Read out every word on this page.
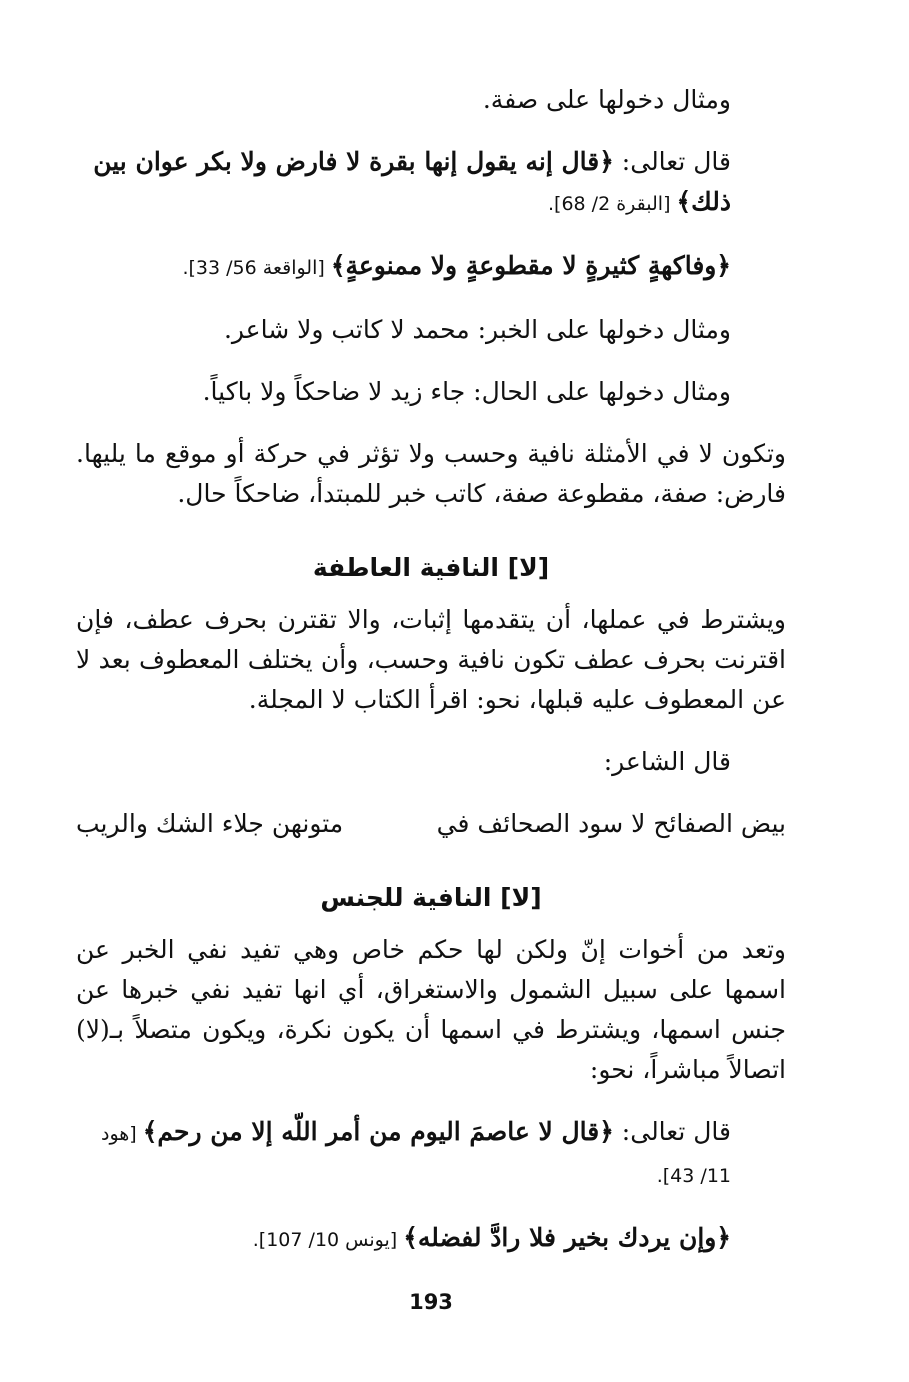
ومثال دخولها على صفة.

قال تعالى: ﴿قال إنه يقول إنها بقرة لا فارض ولا بكر عوان بين ذلك﴾ [البقرة 2/ 68].

﴿وفاكهةٍ كثيرةٍ لا مقطوعةٍ ولا ممنوعةٍ﴾ [الواقعة 56/ 33].

ومثال دخولها على الخبر: محمد لا كاتب ولا شاعر.

ومثال دخولها على الحال: جاء زيد لا ضاحكاً ولا باكياً.

وتكون لا في الأمثلة نافية وحسب ولا تؤثر في حركة أو موقع ما يليها. فارض: صفة، مقطوعة صفة، كاتب خبر للمبتدأ، ضاحكاً حال.

[لا] النافية العاطفة

ويشترط في عملها، أن يتقدمها إثبات، والا تقترن بحرف عطف، فإن اقترنت بحرف عطف تكون نافية وحسب، وأن يختلف المعطوف بعد لا عن المعطوف عليه قبلها، نحو: اقرأ الكتاب لا المجلة.

قال الشاعر:

بيض الصفائح لا سود الصحائف في
متونهن جلاء الشك والريب
[لا] النافية للجنس

وتعد من أخوات إنّ ولكن لها حكم خاص وهي تفيد نفي الخبر عن اسمها على سبيل الشمول والاستغراق، أي انها تفيد نفي خبرها عن جنس اسمها، ويشترط في اسمها أن يكون نكرة، ويكون متصلاً بـ(لا) اتصالاً مباشراً، نحو:

قال تعالى: ﴿قال لا عاصمَ اليوم من أمر اللّه إلا من رحم﴾ [هود 11/ 43].

﴿وإن يردك بخير فلا رادَّ لفضله﴾ [يونس 10/ 107].

193
